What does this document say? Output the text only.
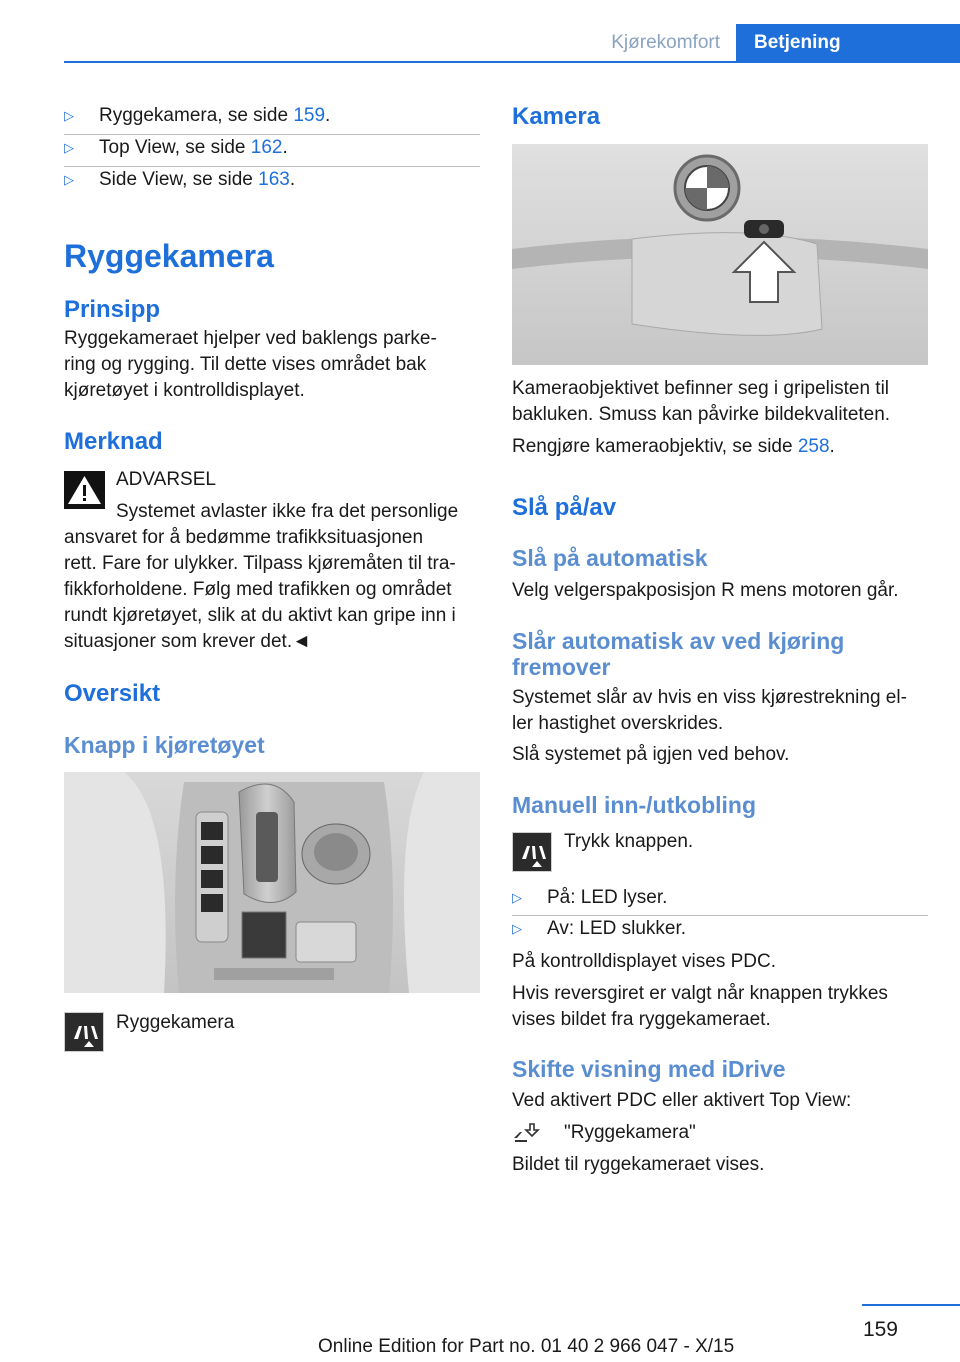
Kjørekomfort	Betjening
▷ Ryggekamera, se side 159.
▷ Top View, se side 162.
▷ Side View, se side 163.
Ryggekamera
Prinsipp
Ryggekameraet hjelper ved baklengs parke-
ring og rygging. Til dette vises området bak
kjøretøyet i kontrolldisplayet.
Merknad
ADVARSEL
Systemet avlaster ikke fra det personlige
ansvaret for å bedømme trafikksituasjonen
rett. Fare for ulykker. Tilpass kjøremåten til tra-
fikkforholdene. Følg med trafikken og området
rundt kjøretøyet, slik at du aktivt kan gripe inn i
situasjoner som krever det.◄
Oversikt
Knapp i kjøretøyet
Ryggekamera
Kamera
Kameraobjektivet befinner seg i gripelisten til
bakluken. Smuss kan påvirke bildekvaliteten.
Rengjøre kameraobjektiv, se side 258.
Slå på/av
Slå på automatisk
Velg velgerspakposisjon R mens motoren går.
Slår automatisk av ved kjøring
fremover
Systemet slår av hvis en viss kjørestrekning el-
ler hastighet overskrides.
Slå systemet på igjen ved behov.
Manuell inn-/utkobling
Trykk knappen.
▷ På: LED lyser.
▷ Av: LED slukker.
På kontrolldisplayet vises PDC.
Hvis reversgiret er valgt når knappen trykkes
vises bildet fra ryggekameraet.
Skifte visning med iDrive
Ved aktivert PDC eller aktivert Top View:
"Ryggekamera"
Bildet til ryggekameraet vises.
159
Online Edition for Part no. 01 40 2 966 047 - X/15
